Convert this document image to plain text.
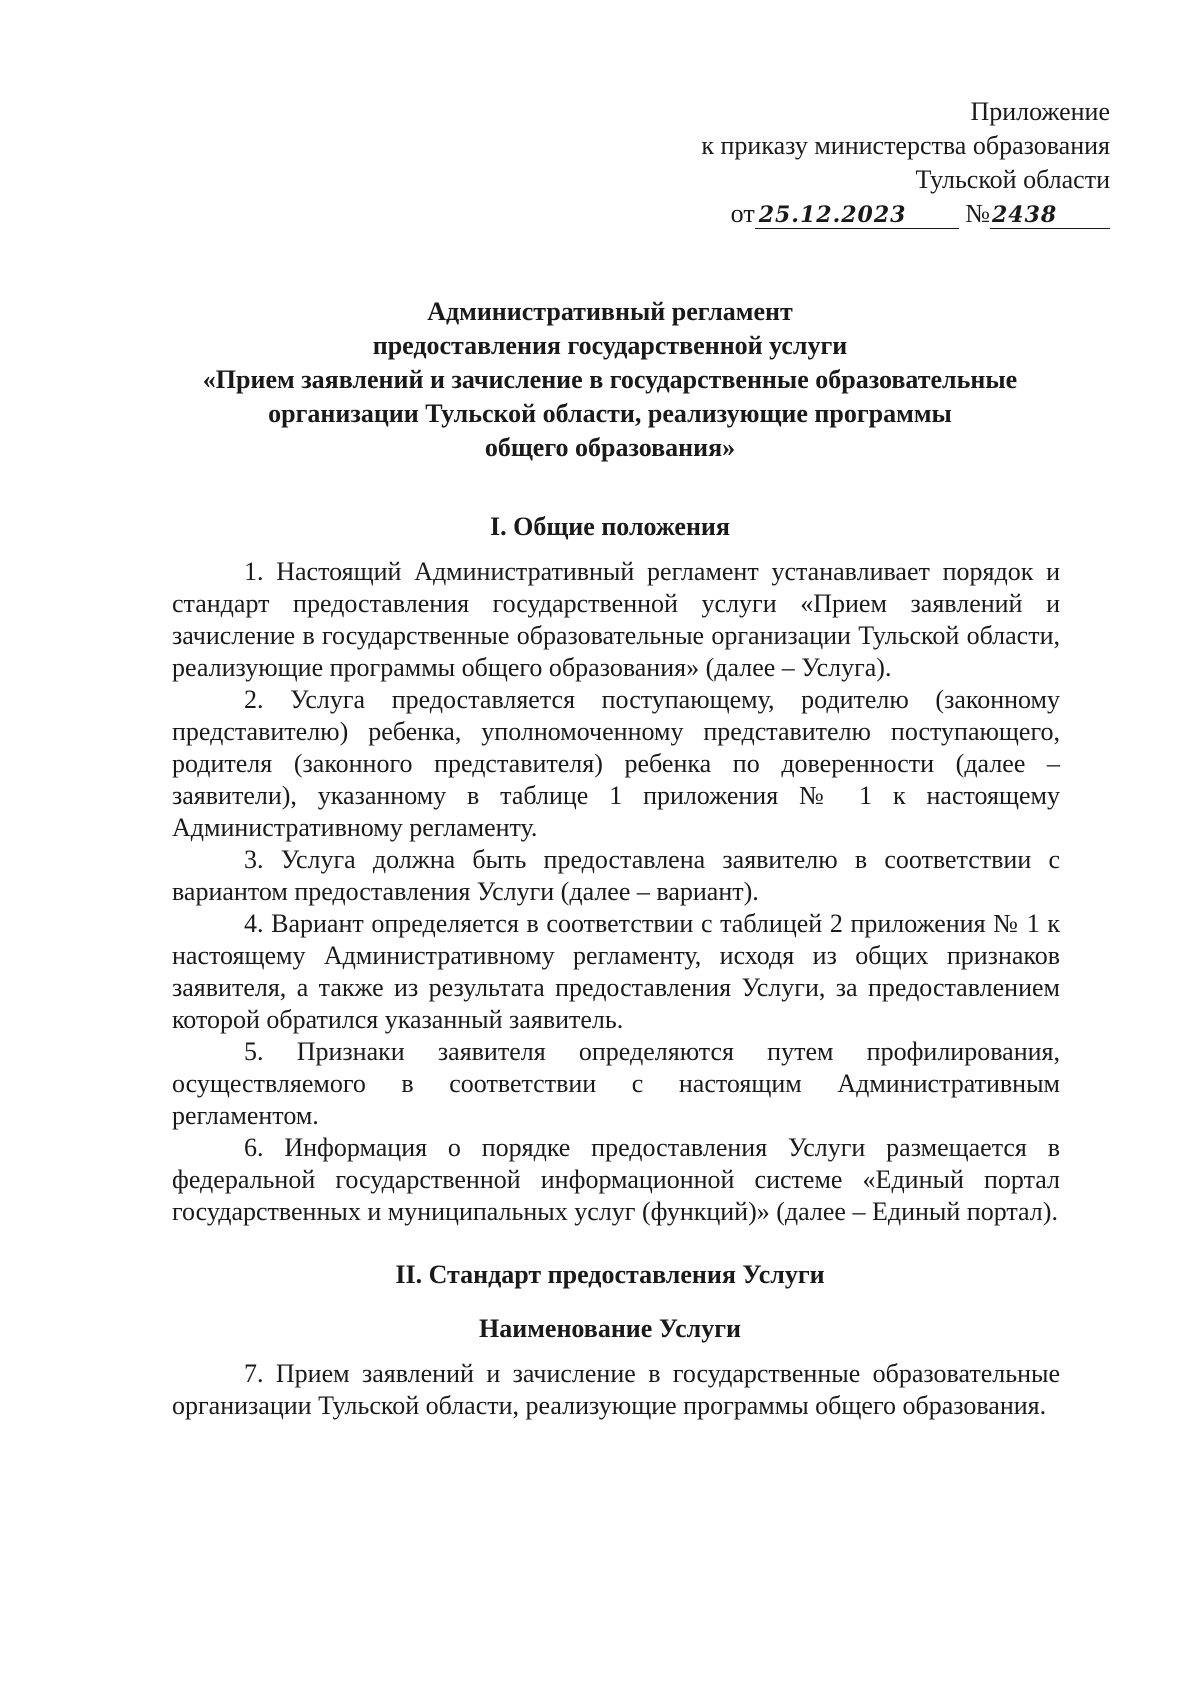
Приложение
к приказу министерства образования
Тульской области
от 25.12.2023 №2438
Административный регламент
предоставления государственной услуги
«Прием заявлений и зачисление в государственные образовательные
организации Тульской области, реализующие программы
общего образования»
I. Общие положения

1. Настоящий Административный регламент устанавливает порядок и стандарт предоставления государственной услуги «Прием заявлений и зачисление в государственные образовательные организации Тульской области, реализующие программы общего образования» (далее – Услуга).

2. Услуга предоставляется поступающему, родителю (законному представителю) ребенка, уполномоченному представителю поступающего, родителя (законного представителя) ребенка по доверенности (далее – заявители), указанному в таблице 1 приложения № 1 к настоящему Административному регламенту.

3. Услуга должна быть предоставлена заявителю в соответствии с вариантом предоставления Услуги (далее – вариант).

4. Вариант определяется в соответствии с таблицей 2 приложения № 1 к настоящему Административному регламенту, исходя из общих признаков заявителя, а также из результата предоставления Услуги, за предоставлением которой обратился указанный заявитель.

5. Признаки заявителя определяются путем профилирования, осуществляемого в соответствии с настоящим Административным регламентом.

6. Информация о порядке предоставления Услуги размещается в федеральной государственной информационной системе «Единый портал государственных и муниципальных услуг (функций)» (далее – Единый портал).

II. Стандарт предоставления Услуги
Наименование Услуги

7. Прием заявлений и зачисление в государственные образовательные организации Тульской области, реализующие программы общего образования.
